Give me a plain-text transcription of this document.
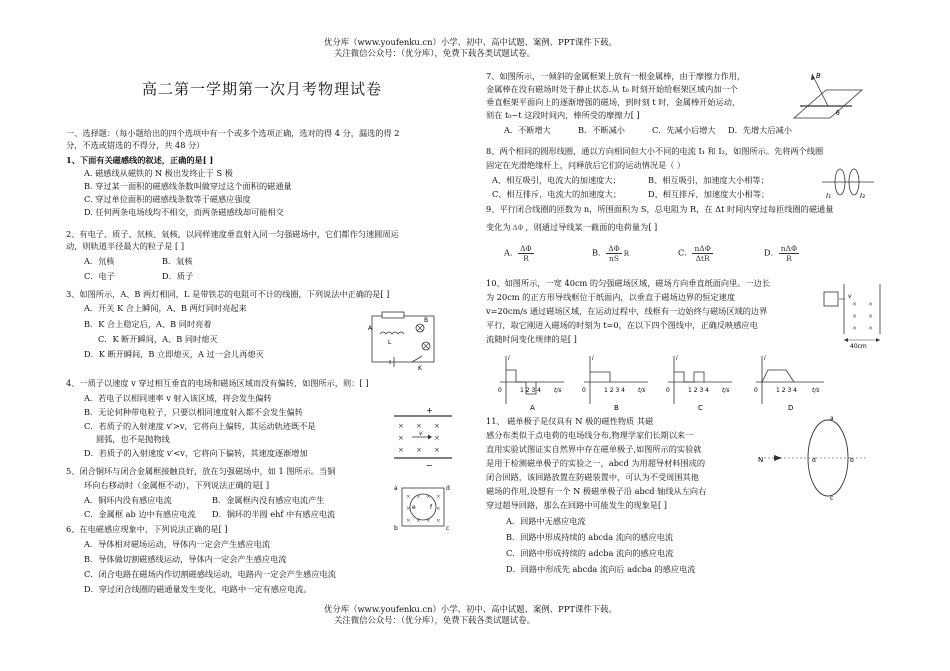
优分库（www.youfenku.cn）小学、初中、高中试题、案例、PPT课件下载。
关注微信公众号：（优分库），免费下载各类试题试卷。
高二第一学期第一次月考物理试卷
一、选择题：（每小题给出的四个选项中有一个或多个选项正确，选对的得 4 分，漏选的得 2
分，不选或错选的不得分，共 48 分）
1、下面有关磁感线的叙述，正确的是[ ]
A. 磁感线从磁铁的 N 极出发终止于 S 极
B. 穿过某一面积的磁感线条数叫做穿过这个面积的磁通量
C. 穿过单位面积的磁感线条数等于磁感应强度
D. 任何两条电场线均不相交，而两条磁感线却可能相交
2、有电子、质子、氘核、氚核，以同样速度垂直射入同一匀强磁场中，它们都作匀速圆周运
动，则轨道半径最大的粒子是 [ ]
A．氘核	B．氚核
C．电子	D．质子
3、如图所示，A、B 两灯相同，L 是带铁芯的电阻可不计的线圈，下列说法中正确的是[ ]
A．开关 K 合上瞬间，A、B 两灯同时亮起来
B．K 合上稳定后，A、B 同时亮着
C．K 断开瞬间，A、B 同时熄灭
D．K 断开瞬间，B 立即熄灭，A 过一会儿再熄灭
A
B
L
K
4、一质子以速度 v 穿过相互垂直的电场和磁场区域而没有偏转，如图所示，则：[ ]
A．若电子以相同速率 v 射入该区域，将会发生偏转
B．无论何种带电粒子，只要以相同速度射入都不会发生偏转
C．若质子的入射速度 v′>v，它将向上偏转，其运动轨迹既不是
圆弧，也不是抛物线
D．若质子的入射速度 v′<v，它将向下偏转，其速度逐渐增加
+
−
× × ×
×	×
× × ×
v
5、闭合铜环与闭合金属框接触良好，放在匀强磁场中，如 1 图所示。当铜
环向右移动时（金属框不动），下列说法正确的是[ ]
A．铜环内没有感应电流	B．金属框内没有感应电流产生
C．金属框 ab 边中有感应电流 D．铜环的半圆 ehf 中有感应电流
× × × ×
×	×
× × × ×
a
b	c
d
e f
6、在电磁感应现象中，下列说法正确的是[ ]
A．导体相对磁场运动，导体内一定会产生感应电流
B．导体做切割磁感线运动，导体内一定会产生感应电流
C．闭合电路在磁场内作切割磁感线运动，电路内一定会产生感应电流
D．穿过闭合线圈的磁通量发生变化，电路中一定有感应电流。
7、如图所示，一倾斜的金属框架上放有一根金属棒，由于摩擦力作用，
金属棒在没有磁场时处于静止状态.从 t₀ 时刻开始给框架区域内加一个
垂直框架平面向上的逐渐增强的磁场，到时刻 t 时，金属棒开始运动，
则在 t₀~t 这段时间内，棒所受的摩擦力[ ]
A．不断增大	B．不断减小	C．先减小后增大 D．先增大后减小
B
θ
8、两个相同的圆形线圈，通以方向相同但大小不同的电流 I₁ 和 I₂，如图所示。先将两个线圈
固定在光滑绝缘杆上，问释放后它们的运动情况是（ ）
A、相互吸引，电流大的加速度大；	B、相互吸引，加速度大小相等；
C、相互排斥，电流大的加速度大；	D、相互排斥，加速度大小相等；	I₁	I₂
9、平行闭合线圈的匝数为 n，所围面积为 S，总电阻为 R，在 Δt 时间内穿过每匝线圈的磁通量
变化为 ΔΦ ，则通过导线某一截面的电荷量为[ ]
A． $\frac{\Delta\Phi}{R}$	B． $\frac{\Delta\Phi}{nS}$ R	C． nΔΦ
ΔtR
D． nΔΦ
R
10、如图所示，一宽 40cm 的匀强磁场区域，磁场方向垂直纸面向里。一边长
为 20cm 的正方形导线框位于纸面内，以垂直于磁场边界的恒定速度
v=20cm/s 通过磁场区域，在运动过程中，线框有一边始终与磁场区域的边界
平行，取它刚进入磁场的时刻为 t=0，在以下四个图线中，正确反映感应电
流随时间变化规律的是[ ]
v
× ×
× ×
× ×
40cm
i
0	1 2 3 4 t/s
A
i
0	1 2 3 4 t/s
B
i
0	1 2 3 4 t/s
C
i
0	1 2 3 4	t/s
D
11、 磁单极子是仅具有 N 极的磁性物质 其磁
感分布类似于点电荷的电场线分布,物理学家们长期以来一
直用实验试图证实自然界中存在磁单极子,如图所示的实验就
是用于检测磁单极子的实验之一，abcd 为用超导材料围成的
闭合回路，该回路放置在防磁装置中，可认为不受周围其他
磁场的作用,设想有一个 N 极磁单极子沿 abcd 轴线从左向右
穿过超导回路，那么在回路中可能发生的现象是[ ]
A．回路中无感应电流
B．回路中形成持续的 abcda 流向的感应电流
C．回路中形成持续的 adcba 流向的感应电流
D．回路中形成先 abcda 流向后 adcba 的感应电流
N
a
d
c
b
优分库（www.youfenku.cn）小学、初中、高中试题、案例、PPT课件下载。
关注微信公众号：（优分库），免费下载各类试题试卷。
